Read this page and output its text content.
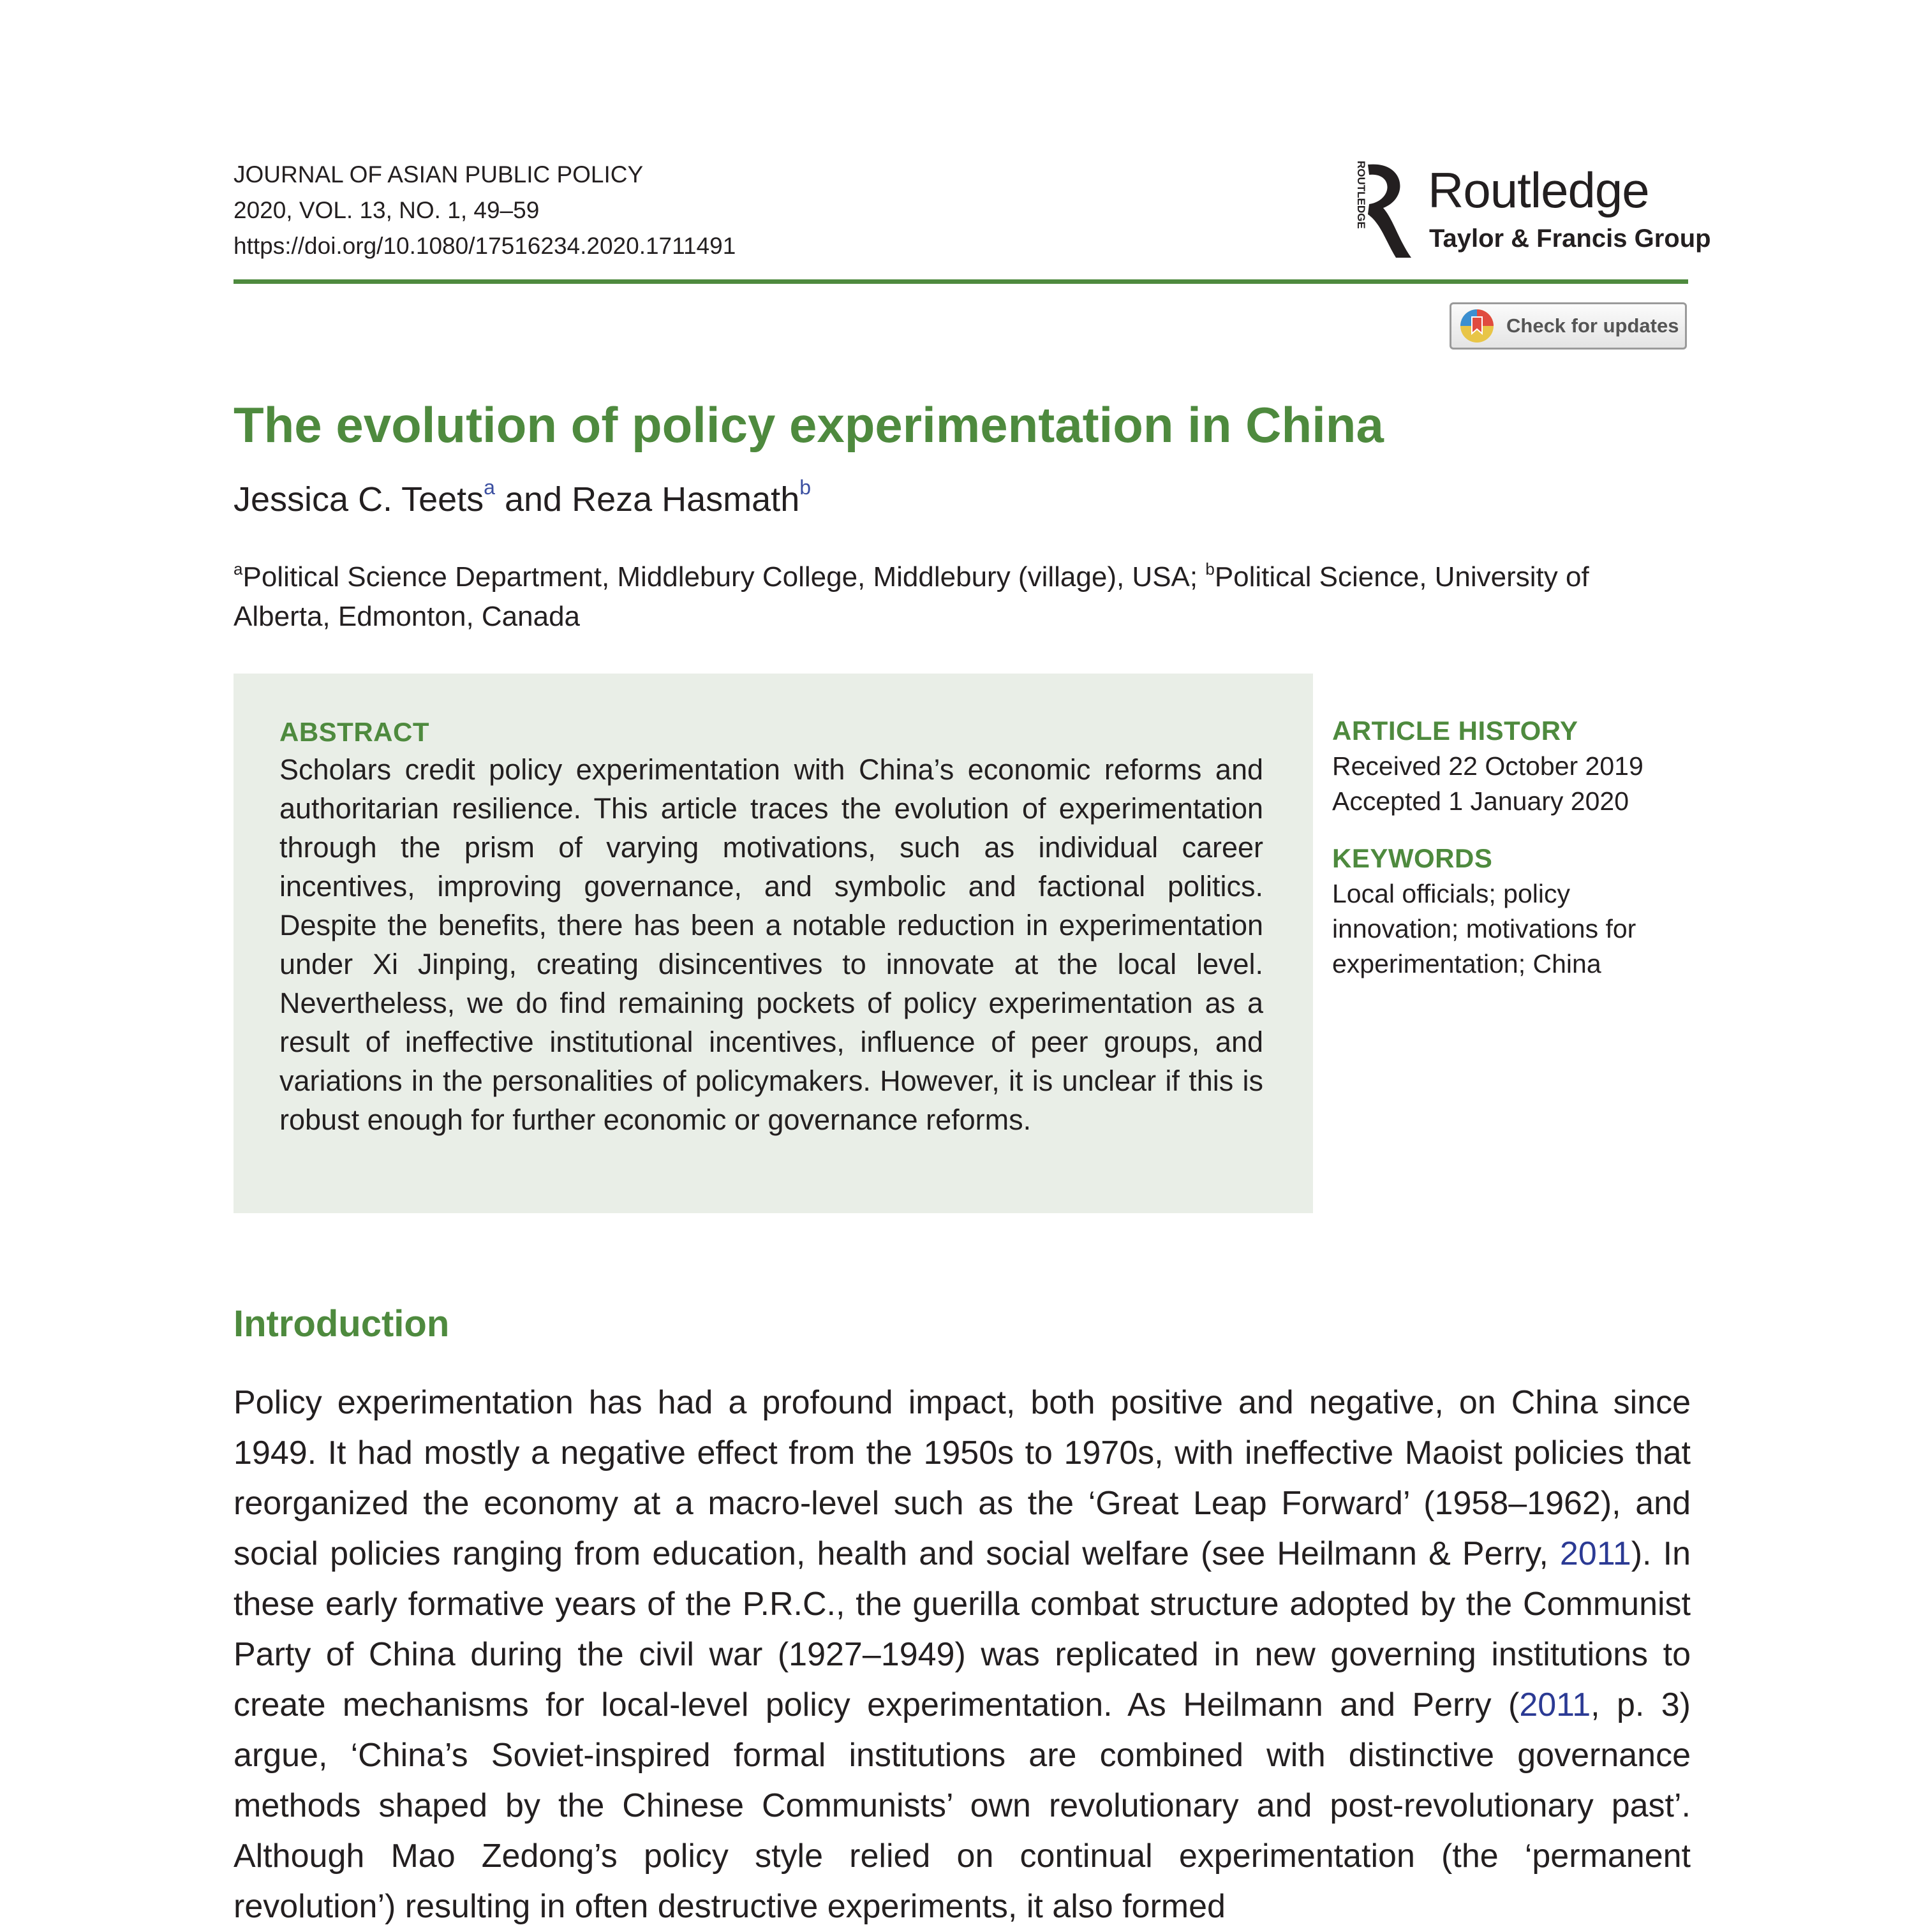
JOURNAL OF ASIAN PUBLIC POLICY
2020, VOL. 13, NO. 1, 49–59
https://doi.org/10.1080/17516234.2020.1711491
ROUTLEDGE Routledge
Taylor & Francis Group
Check for updates
The evolution of policy experimentation in China
Jessica C. Teets$^a$ and Reza Hasmath$^b$
$^a$Political Science Department, Middlebury College, Middlebury (village), USA; $^b$Political Science, University of Alberta, Edmonton, Canada
ABSTRACT
Scholars credit policy experimentation with China’s economic reforms and authoritarian resilience. This article traces the evolution of experimentation through the prism of varying motivations, such as individual career incentives, improving governance, and symbolic and factional politics. Despite the benefits, there has been a notable reduction in experimentation under Xi Jinping, creating disincentives to innovate at the local level. Nevertheless, we do find remaining pockets of policy experimentation as a result of ineffective institutional incentives, influence of peer groups, and variations in the personalities of policymakers. However, it is unclear if this is robust enough for further economic or governance reforms.
ARTICLE HISTORY
Received 22 October 2019
Accepted 1 January 2020
KEYWORDS
Local officials; policy innovation; motivations for experimentation; China
Introduction
Policy experimentation has had a profound impact, both positive and negative, on China since 1949. It had mostly a negative effect from the 1950s to 1970s, with ineffective Maoist policies that reorganized the economy at a macro-level such as the ‘Great Leap Forward’ (1958–1962), and social policies ranging from education, health and social welfare (see Heilmann & Perry, 2011). In these early formative years of the P.R.C., the guerilla combat structure adopted by the Communist Party of China during the civil war (1927–1949) was replicated in new governing institutions to create mechanisms for local-level policy experimentation. As Heilmann and Perry (2011, p. 3) argue, ‘China’s Soviet-inspired formal institutions are combined with distinctive governance methods shaped by the Chinese Communists’ own revolutionary and post-revolutionary past’. Although Mao Zedong’s policy style relied on continual experimentation (the ‘permanent revolution’) resulting in often destructive experiments, it also formed
